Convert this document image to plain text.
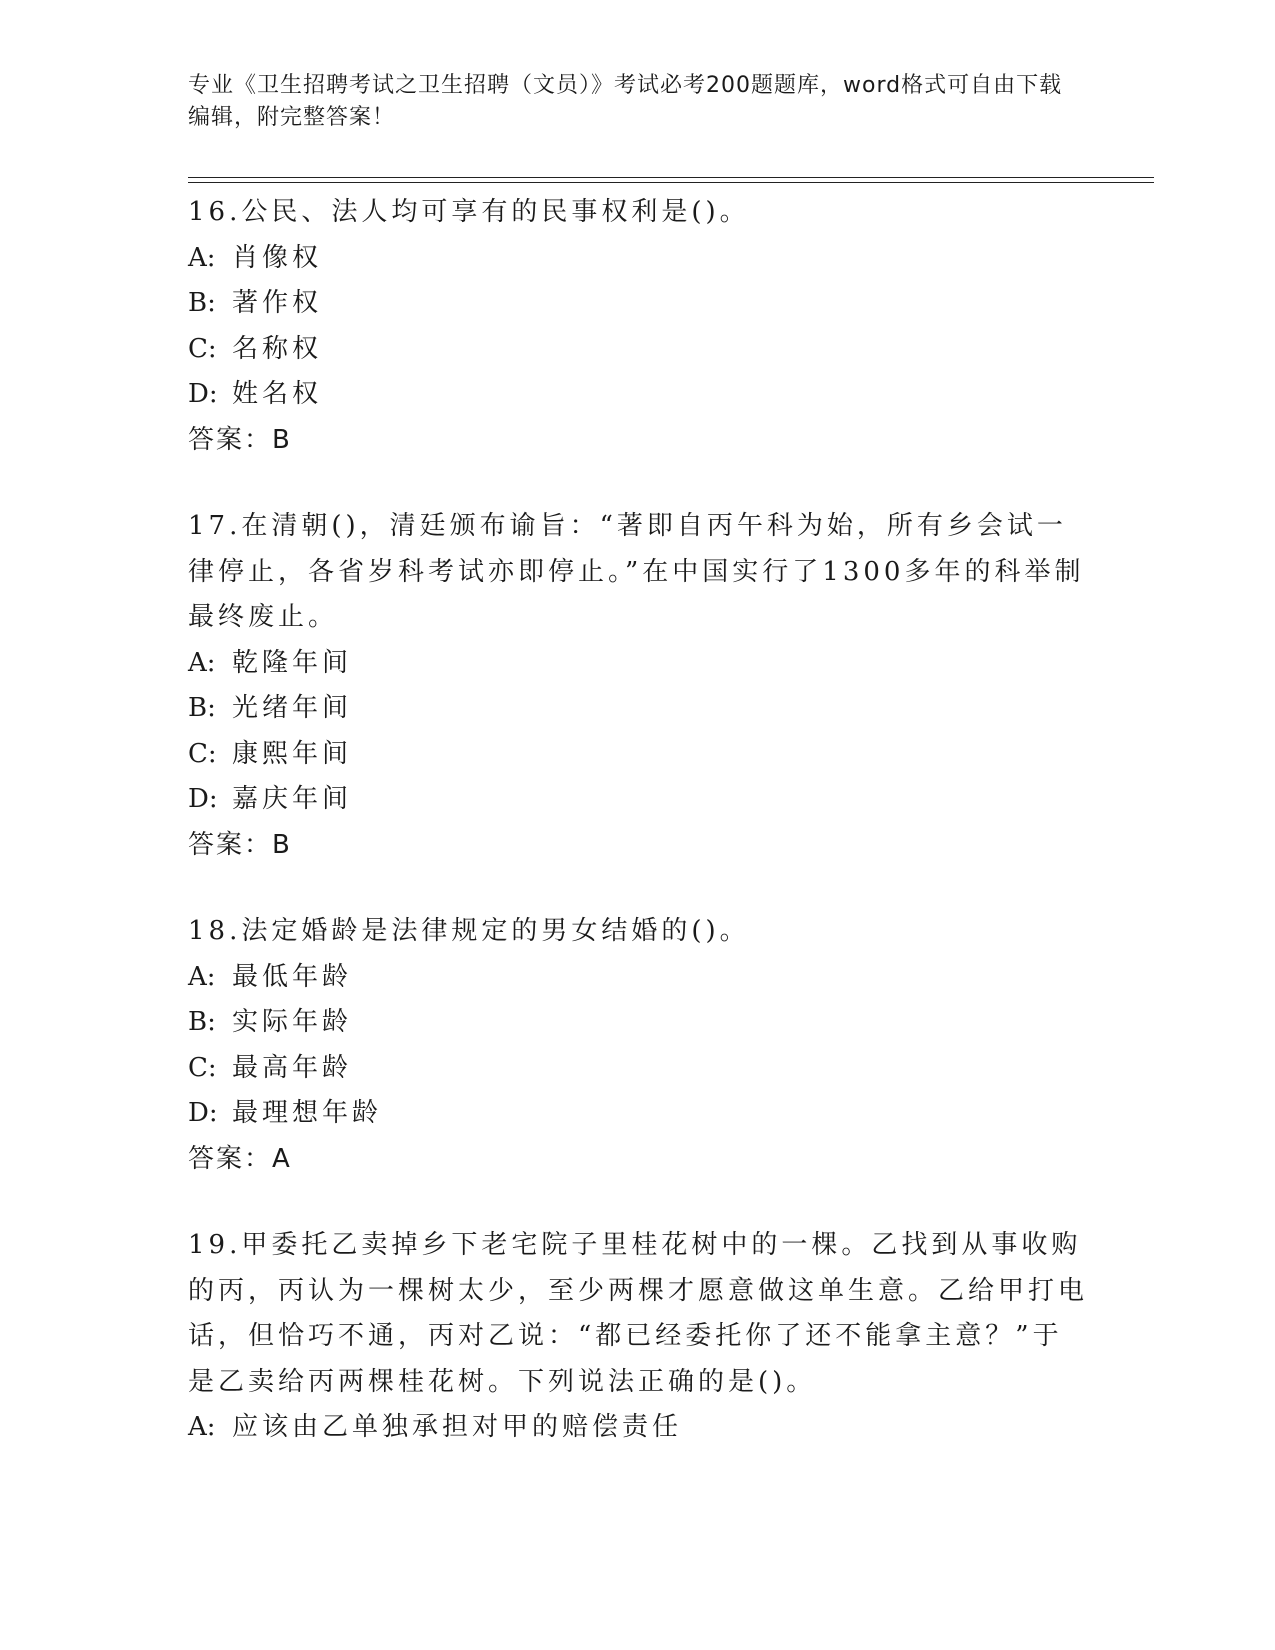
专业《卫生招聘考试之卫生招聘（文员）》考试必考200题题库，word格式可自由下载编辑，附完整答案！
16.公民、法人均可享有的民事权利是()。
A: 肖像权
B: 著作权
C: 名称权
D: 姓名权
答案：B
17.在清朝()，清廷颁布谕旨：“著即自丙午科为始，所有乡会试一律停止，各省岁科考试亦即停止。”在中国实行了1300多年的科举制最终废止。
A: 乾隆年间
B: 光绪年间
C: 康熙年间
D: 嘉庆年间
答案：B
18.法定婚龄是法律规定的男女结婚的()。
A: 最低年龄
B: 实际年龄
C: 最高年龄
D: 最理想年龄
答案：A
19.甲委托乙卖掉乡下老宅院子里桂花树中的一棵。乙找到从事收购的丙，丙认为一棵树太少，至少两棵才愿意做这单生意。乙给甲打电话，但恰巧不通，丙对乙说：“都已经委托你了还不能拿主意？”于是乙卖给丙两棵桂花树。下列说法正确的是()。
A: 应该由乙单独承担对甲的赔偿责任
